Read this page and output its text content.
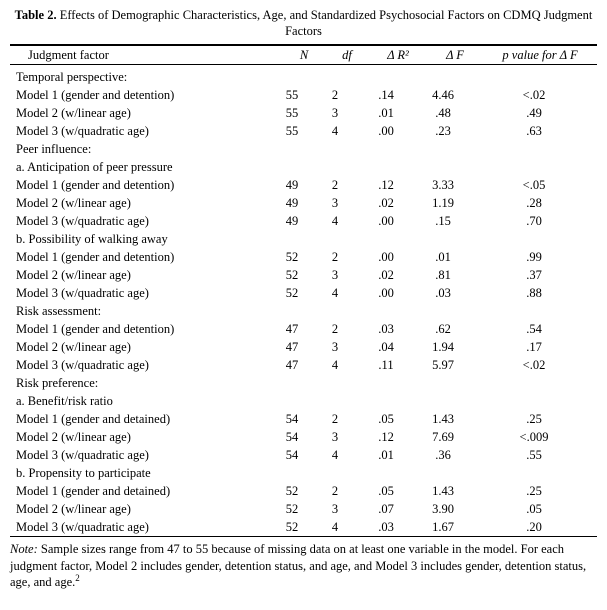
Table 2. Effects of Demographic Characteristics, Age, and Standardized Psychosocial Factors on CDMQ Judgment Factors
Judgment factor	N	df	Δ R²	Δ F	p value for Δ F
Temporal perspective:					
Model 1 (gender and detention)	55	2	.14	4.46	<.02
Model 2 (w/linear age)	55	3	.01	.48	.49
Model 3 (w/quadratic age)	55	4	.00	.23	.63
Peer influence:					
a. Anticipation of peer pressure					
Model 1 (gender and detention)	49	2	.12	3.33	<.05
Model 2 (w/linear age)	49	3	.02	1.19	.28
Model 3 (w/quadratic age)	49	4	.00	.15	.70
b. Possibility of walking away					
Model 1 (gender and detention)	52	2	.00	.01	.99
Model 2 (w/linear age)	52	3	.02	.81	.37
Model 3 (w/quadratic age)	52	4	.00	.03	.88
Risk assessment:					
Model 1 (gender and detention)	47	2	.03	.62	.54
Model 2 (w/linear age)	47	3	.04	1.94	.17
Model 3 (w/quadratic age)	47	4	.11	5.97	<.02
Risk preference:					
a. Benefit/risk ratio					
Model 1 (gender and detained)	54	2	.05	1.43	.25
Model 2 (w/linear age)	54	3	.12	7.69	<.009
Model 3 (w/quadratic age)	54	4	.01	.36	.55
b. Propensity to participate					
Model 1 (gender and detained)	52	2	.05	1.43	.25
Model 2 (w/linear age)	52	3	.07	3.90	.05
Model 3 (w/quadratic age)	52	4	.03	1.67	.20
Note: Sample sizes range from 47 to 55 because of missing data on at least one variable in the model. For each judgment factor, Model 2 includes gender, detention status, and age, and Model 3 includes gender, detention status, age, and age.$^2$
